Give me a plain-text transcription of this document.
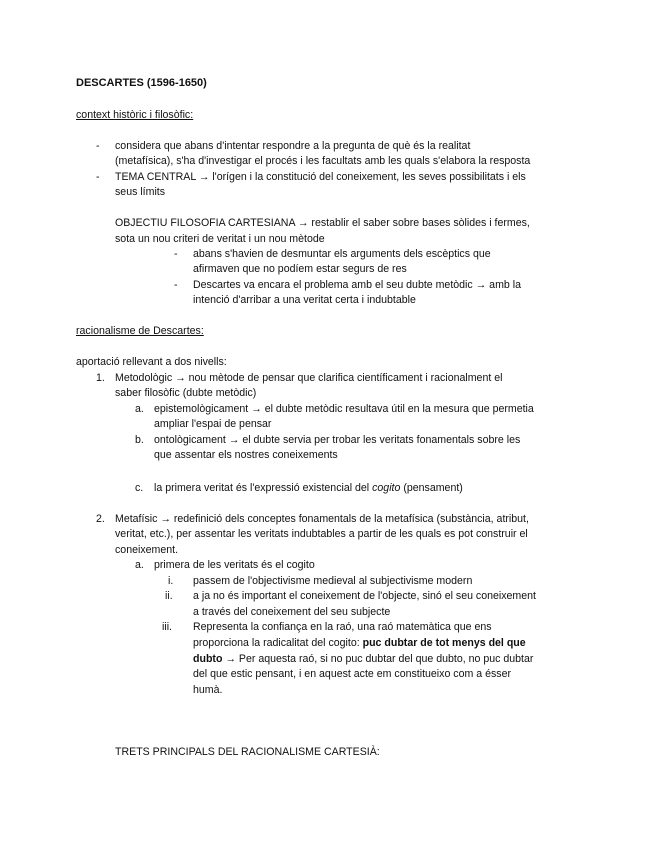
DESCARTES (1596-1650)
context històric i filosòfic:
- considera que abans d'intentar respondre a la pregunta de què és la realitat
(metafísica), s'ha d'investigar el procés i les facultats amb les quals s'elabora la resposta
- TEMA CENTRAL → l'orígen i la constitució del coneixement, les seves possibilitats i els
seus límits
OBJECTIU FILOSOFIA CARTESIANA → restablir el saber sobre bases sòlides i fermes,
sota un nou criteri de veritat i un nou mètode
- abans s'havien de desmuntar els arguments dels escèptics que
afirmaven que no podíem estar segurs de res
- Descartes va encara el problema amb el seu dubte metòdic → amb la
intenció d'arribar a una veritat certa i indubtable
racionalisme de Descartes:
aportació rellevant a dos nivells:
1. Metodològic → nou mètode de pensar que clarifica científicament i racionalment el
saber filosòfic (dubte metòdic)
a. epistemològicament → el dubte metòdic resultava útil en la mesura que permetia
ampliar l'espai de pensar
b. ontològicament → el dubte servia per trobar les veritats fonamentals sobre les
que assentar els nostres coneixements
c. la primera veritat és l'expressió existencial del cogito (pensament)
2. Metafísic → redefinició dels conceptes fonamentals de la metafísica (substància, atribut,
veritat, etc.), per assentar les veritats indubtables a partir de les quals es pot construir el
coneixement.
a. primera de les veritats és el cogito
i. passem de l'objectivisme medieval al subjectivisme modern
ii. a ja no és important el coneixement de l'objecte, sinó el seu coneixement
a través del coneixement del seu subjecte
iii. Representa la confiança en la raó, una raó matemàtica que ens
proporciona la radicalitat del cogito: puc dubtar de tot menys del que
dubto → Per aquesta raó, si no puc dubtar del que dubto, no puc dubtar
del que estic pensant, i en aquest acte em constitueixo com a ésser
humà.
TRETS PRINCIPALS DEL RACIONALISME CARTESIÀ:
